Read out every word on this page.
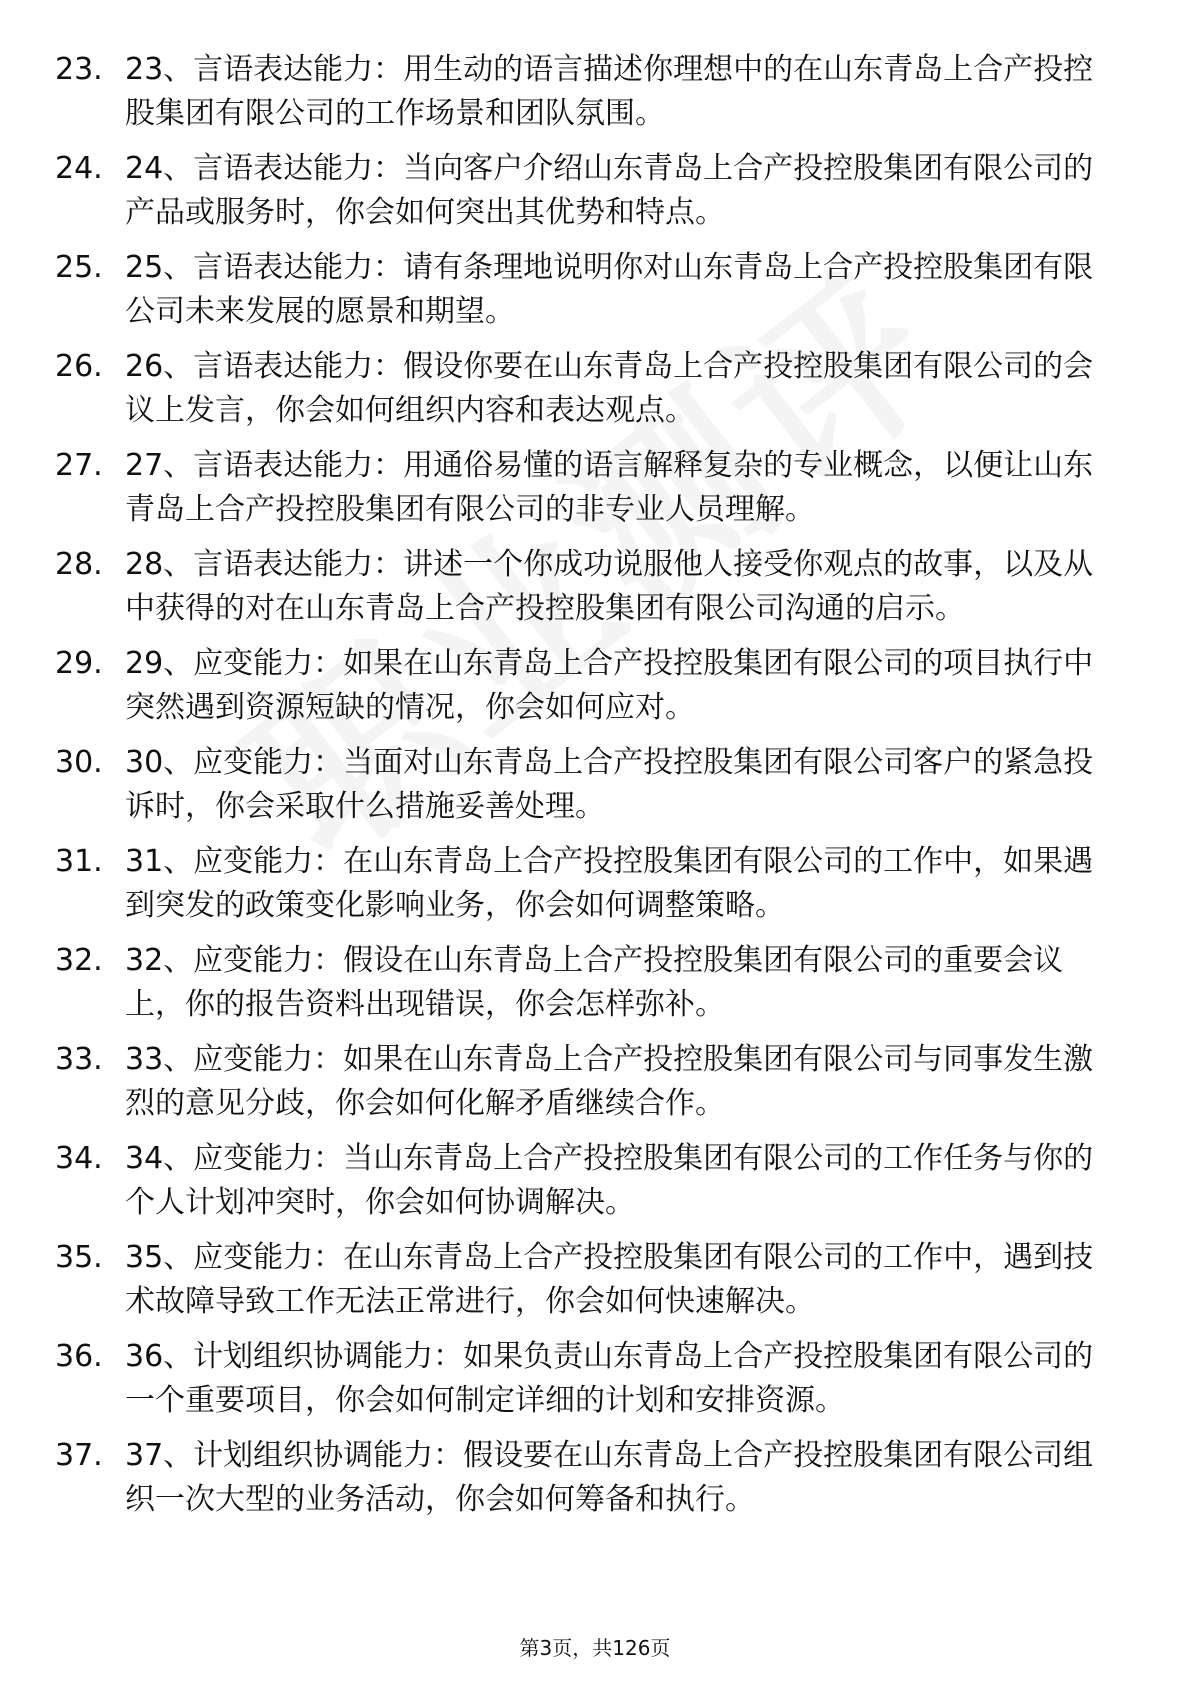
23. 23、言语表达能力：用生动的语言描述你理想中的在山东青岛上合产投控股集团有限公司的工作场景和团队氛围。
24. 24、言语表达能力：当向客户介绍山东青岛上合产投控股集团有限公司的产品或服务时，你会如何突出其优势和特点。
25. 25、言语表达能力：请有条理地说明你对山东青岛上合产投控股集团有限公司未来发展的愿景和期望。
26. 26、言语表达能力：假设你要在山东青岛上合产投控股集团有限公司的会议上发言，你会如何组织内容和表达观点。
27. 27、言语表达能力：用通俗易懂的语言解释复杂的专业概念，以便让山东青岛上合产投控股集团有限公司的非专业人员理解。
28. 28、言语表达能力：讲述一个你成功说服他人接受你观点的故事，以及从中获得的对在山东青岛上合产投控股集团有限公司沟通的启示。
29. 29、应变能力：如果在山东青岛上合产投控股集团有限公司的项目执行中突然遇到资源短缺的情况，你会如何应对。
30. 30、应变能力：当面对山东青岛上合产投控股集团有限公司客户的紧急投诉时，你会采取什么措施妥善处理。
31. 31、应变能力：在山东青岛上合产投控股集团有限公司的工作中，如果遇到突发的政策变化影响业务，你会如何调整策略。
32. 32、应变能力：假设在山东青岛上合产投控股集团有限公司的重要会议上，你的报告资料出现错误，你会怎样弥补。
33. 33、应变能力：如果在山东青岛上合产投控股集团有限公司与同事发生激烈的意见分歧，你会如何化解矛盾继续合作。
34. 34、应变能力：当山东青岛上合产投控股集团有限公司的工作任务与你的个人计划冲突时，你会如何协调解决。
35. 35、应变能力：在山东青岛上合产投控股集团有限公司的工作中，遇到技术故障导致工作无法正常进行，你会如何快速解决。
36. 36、计划组织协调能力：如果负责山东青岛上合产投控股集团有限公司的一个重要项目，你会如何制定详细的计划和安排资源。
37. 37、计划组织协调能力：假设要在山东青岛上合产投控股集团有限公司组织一次大型的业务活动，你会如何筹备和执行。
第3页，共126页
